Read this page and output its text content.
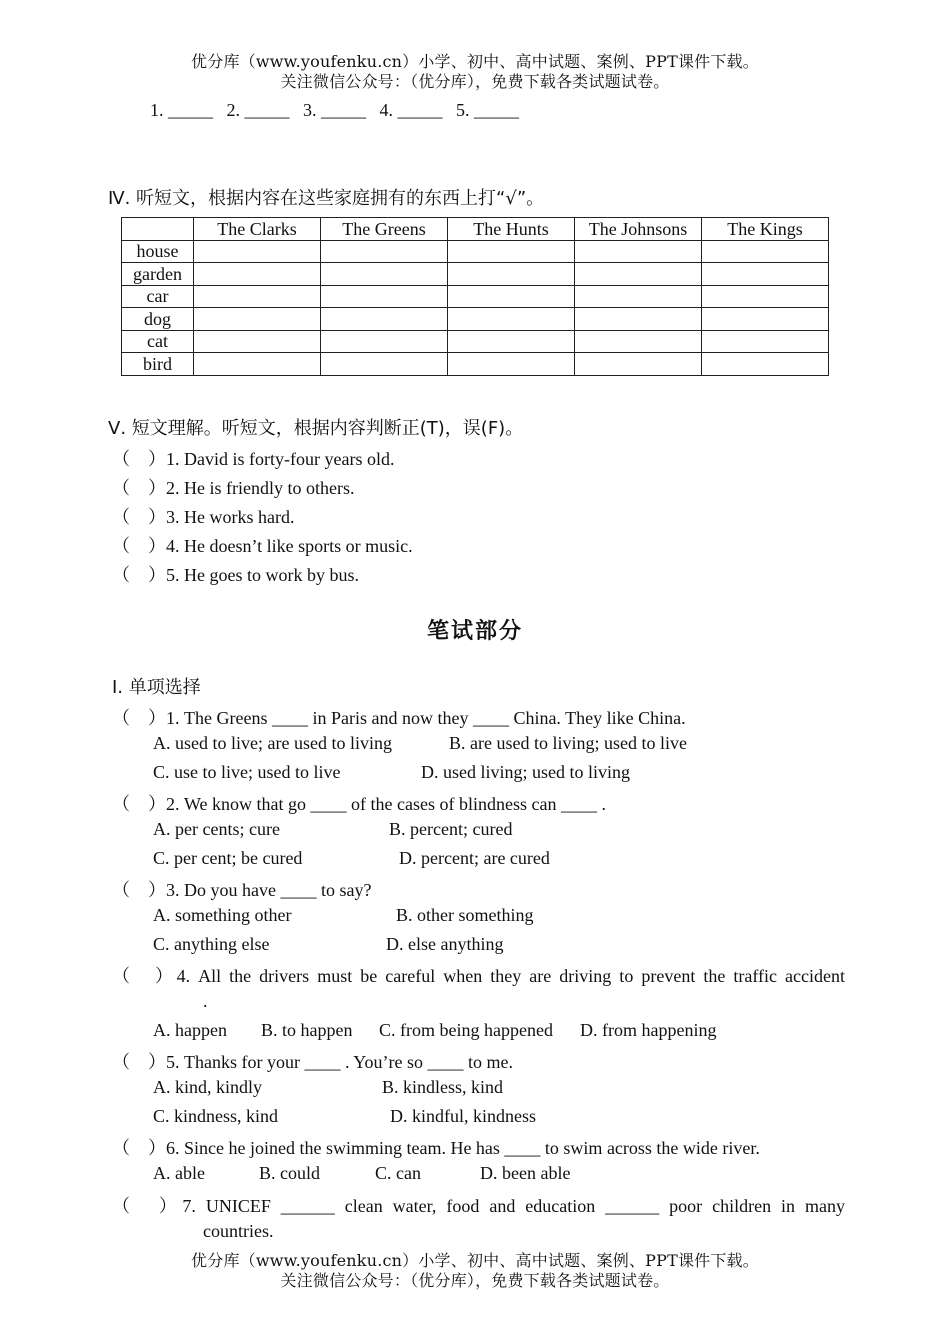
优分库（www.youfenku.cn）小学、初中、高中试题、案例、PPT课件下载。
关注微信公众号：（优分库），免费下载各类试题试卷。
1. _____   2. _____   3. _____   4. _____   5. _____
Ⅳ. 听短文，根据内容在这些家庭拥有的东西上打“√”。
	The Clarks	The Greens	The Hunts	The Johnsons	The Kings
house					
garden					
car					
dog					
cat					
bird					
Ⅴ. 短文理解。听短文，根据内容判断正(T)，误(F)。
（　）1. David is forty-four years old.
（　）2. He is friendly to others.
（　）3. He works hard.
（　）4. He doesn’t like sports or music.
（　）5. He goes to work by bus.
笔试部分
Ⅰ. 单项选择
（　）1. The Greens ____ in Paris and now they ____ China. They like China.
A. used to live; are used to living	B. are used to living; used to live
C. use to live; used to live	D. used living; used to living
（　）2. We know that go ____ of the cases of blindness can ____ .
A. per cents; cure	B. percent; cured
C. per cent; be cured	D. percent; are cured
（　）3. Do you have ____ to say?
A. something other	B. other something
C. anything else	D. else anything
（　）4. All the drivers must be careful when they are driving to prevent the traffic accident
.
A. happen B. to happen C. from being happened D. from happening
（　）5. Thanks for your ____ . You’re so ____ to me.
A. kind, kindly	B. kindless, kind
C. kindness, kind	D. kindful, kindness
（　）6. Since he joined the swimming team. He has ____ to swim across the wide river.
A. able	B. could	C. can	D. been able
（　）7. UNICEF ______ clean water, food and education ______ poor children in many
countries.
优分库（www.youfenku.cn）小学、初中、高中试题、案例、PPT课件下载。
关注微信公众号：（优分库），免费下载各类试题试卷。
